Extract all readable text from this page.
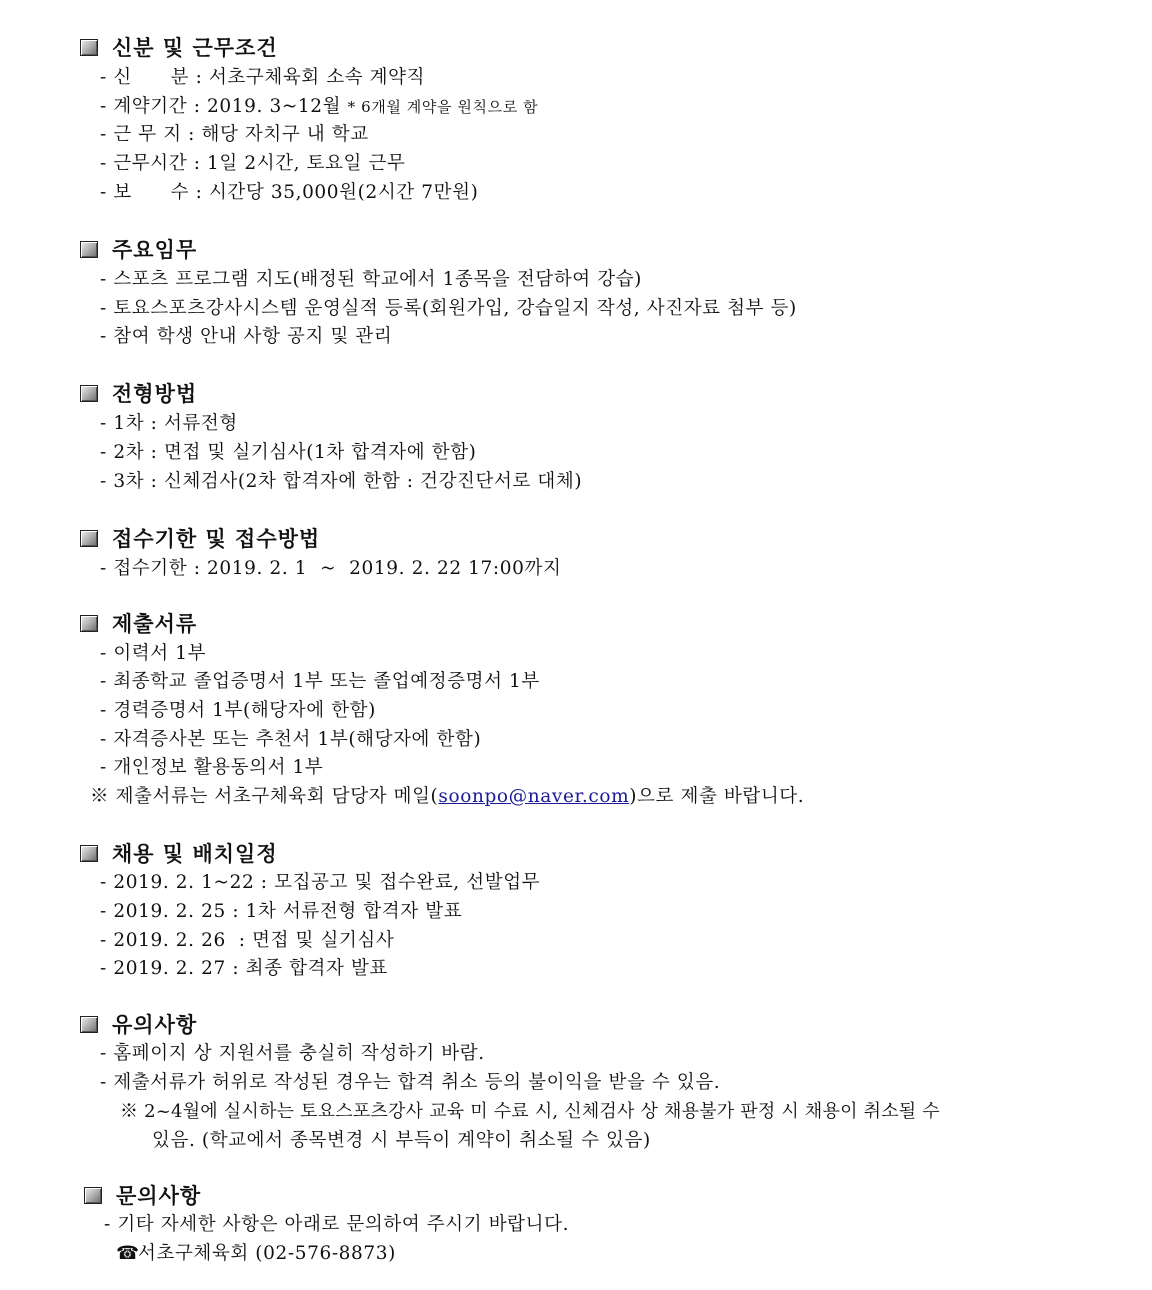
신분 및 근무조건
- 신      분 : 서초구체육회 소속 계약직
- 계약기간 : 2019. 3~12월 * 6개월 계약을 원칙으로 함
- 근 무 지 : 해당 자치구 내 학교
- 근무시간 : 1일 2시간, 토요일 근무
- 보      수 : 시간당 35,000원(2시간 7만원)
주요임무
- 스포츠 프로그램 지도(배정된 학교에서 1종목을 전담하여 강습)
- 토요스포츠강사시스템 운영실적 등록(회원가입, 강습일지 작성, 사진자료 첨부 등)
- 참여 학생 안내 사항 공지 및 관리
전형방법
- 1차 : 서류전형
- 2차 : 면접 및 실기심사(1차 합격자에 한함)
- 3차 : 신체검사(2차 합격자에 한함 : 건강진단서로 대체)
접수기한 및 접수방법
- 접수기한 : 2019. 2. 1  ~  2019. 2. 22 17:00까지
제출서류
- 이력서 1부
- 최종학교 졸업증명서 1부 또는 졸업예정증명서 1부
- 경력증명서 1부(해당자에 한함)
- 자격증사본 또는 추천서 1부(해당자에 한함)
- 개인정보 활용동의서 1부
※ 제출서류는 서초구체육회 담당자 메일(soonpo@naver.com)으로 제출 바랍니다.
채용 및 배치일정
- 2019. 2. 1~22 : 모집공고 및 접수완료, 선발업무
- 2019. 2. 25 : 1차 서류전형 합격자 발표
- 2019. 2. 26  : 면접 및 실기심사
- 2019. 2. 27 : 최종 합격자 발표
유의사항
- 홈페이지 상 지원서를 충실히 작성하기 바람.
- 제출서류가 허위로 작성된 경우는 합격 취소 등의 불이익을 받을 수 있음.
※ 2~4월에 실시하는 토요스포츠강사 교육 미 수료 시, 신체검사 상 채용불가 판정 시 채용이 취소될 수
있음. (학교에서 종목변경 시 부득이 계약이 취소될 수 있음)
문의사항
- 기타 자세한 사항은 아래로 문의하여 주시기 바랍니다.
☎서초구체육회 (02-576-8873)
